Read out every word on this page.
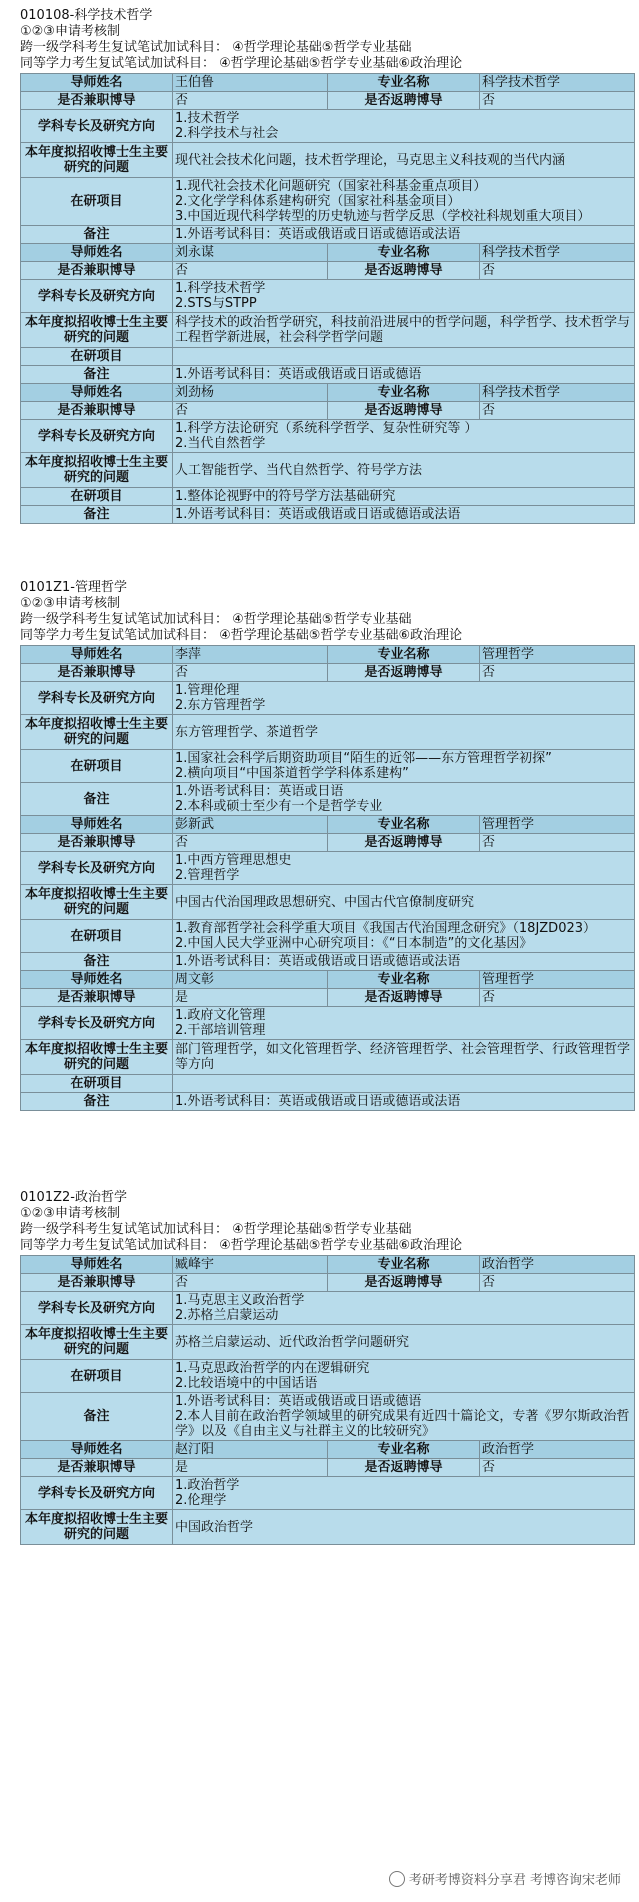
010108-科学技术哲学
①②③申请考核制
跨一级学科考生复试笔试加试科目： ④哲学理论基础⑤哲学专业基础
同等学力考生复试笔试加试科目： ④哲学理论基础⑤哲学专业基础⑥政治理论
导师姓名	王伯鲁	专业名称	科学技术哲学
是否兼职博导	否	是否返聘博导	否
学科专长及研究方向	1.技术哲学
2.科学技术与社会		

本年度拟招收博士生主要研究的问题	现代社会技术化问题，技术哲学理论，马克思主义科技观的当代内涵		

在研项目	1.现代社会技术化问题研究（国家社科基金重点项目）
2.文化学学科体系建构研究（国家社科基金项目）
3.中国近现代科学转型的历史轨迹与哲学反思（学校社科规划重大项目）		

备注	1.外语考试科目：英语或俄语或日语或德语或法语		

导师姓名	刘永谋	专业名称	科学技术哲学
是否兼职博导	否	是否返聘博导	否
学科专长及研究方向	1.科学技术哲学
2.STS与STPP		

本年度拟招收博士生主要研究的问题	科学技术的政治哲学研究，科技前沿进展中的哲学问题，科学哲学、技术哲学与工程哲学新进展，社会科学哲学问题		

在研项目			
备注	1.外语考试科目：英语或俄语或日语或德语		

导师姓名	刘劲杨	专业名称	科学技术哲学
是否兼职博导	否	是否返聘博导	否
学科专长及研究方向	1.科学方法论研究（系统科学哲学、复杂性研究等 ）
2.当代自然哲学		

本年度拟招收博士生主要研究的问题	人工智能哲学、当代自然哲学、符号学方法		

在研项目	1.整体论视野中的符号学方法基础研究		

备注	1.外语考试科目：英语或俄语或日语或德语或法语		
0101Z1-管理哲学
①②③申请考核制
跨一级学科考生复试笔试加试科目： ④哲学理论基础⑤哲学专业基础
同等学力考生复试笔试加试科目： ④哲学理论基础⑤哲学专业基础⑥政治理论
导师姓名	李萍	专业名称	管理哲学
是否兼职博导	否	是否返聘博导	否
学科专长及研究方向	1.管理伦理
2.东方管理哲学		

本年度拟招收博士生主要研究的问题	东方管理哲学、茶道哲学		

在研项目	1.国家社会科学后期资助项目“陌生的近邻——东方管理哲学初探”
2.横向项目“中国茶道哲学学科体系建构”		

备注	1.外语考试科目：英语或日语
2.本科或硕士至少有一个是哲学专业		

导师姓名	彭新武	专业名称	管理哲学
是否兼职博导	否	是否返聘博导	否
学科专长及研究方向	1.中西方管理思想史
2.管理哲学		

本年度拟招收博士生主要研究的问题	中国古代治国理政思想研究、中国古代官僚制度研究		

在研项目	1.教育部哲学社会科学重大项目《我国古代治国理念研究》（18JZD023）
2.中国人民大学亚洲中心研究项目：《“日本制造”的文化基因》		

备注	1.外语考试科目：英语或俄语或日语或德语或法语		

导师姓名	周文彰	专业名称	管理哲学
是否兼职博导	是	是否返聘博导	否
学科专长及研究方向	1.政府文化管理
2.干部培训管理		

本年度拟招收博士生主要研究的问题	部门管理哲学，如文化管理哲学、经济管理哲学、社会管理哲学、行政管理哲学等方向		

在研项目			
备注	1.外语考试科目：英语或俄语或日语或德语或法语		
0101Z2-政治哲学
①②③申请考核制
跨一级学科考生复试笔试加试科目： ④哲学理论基础⑤哲学专业基础
同等学力考生复试笔试加试科目： ④哲学理论基础⑤哲学专业基础⑥政治理论
导师姓名	臧峰宇	专业名称	政治哲学
是否兼职博导	否	是否返聘博导	否
学科专长及研究方向	1.马克思主义政治哲学
2.苏格兰启蒙运动		

本年度拟招收博士生主要研究的问题	苏格兰启蒙运动、近代政治哲学问题研究		

在研项目	1.马克思政治哲学的内在逻辑研究
2.比较语境中的中国话语		

备注	1.外语考试科目：英语或俄语或日语或德语
2.本人目前在政治哲学领域里的研究成果有近四十篇论文，专著《罗尔斯政治哲学》以及《自由主义与社群主义的比较研究》		

导师姓名	赵汀阳	专业名称	政治哲学
是否兼职博导	是	是否返聘博导	否
学科专长及研究方向	1.政治哲学
2.伦理学		

本年度拟招收博士生主要研究的问题	中国政治哲学		
考研考博资料分享君 考博咨询宋老师
